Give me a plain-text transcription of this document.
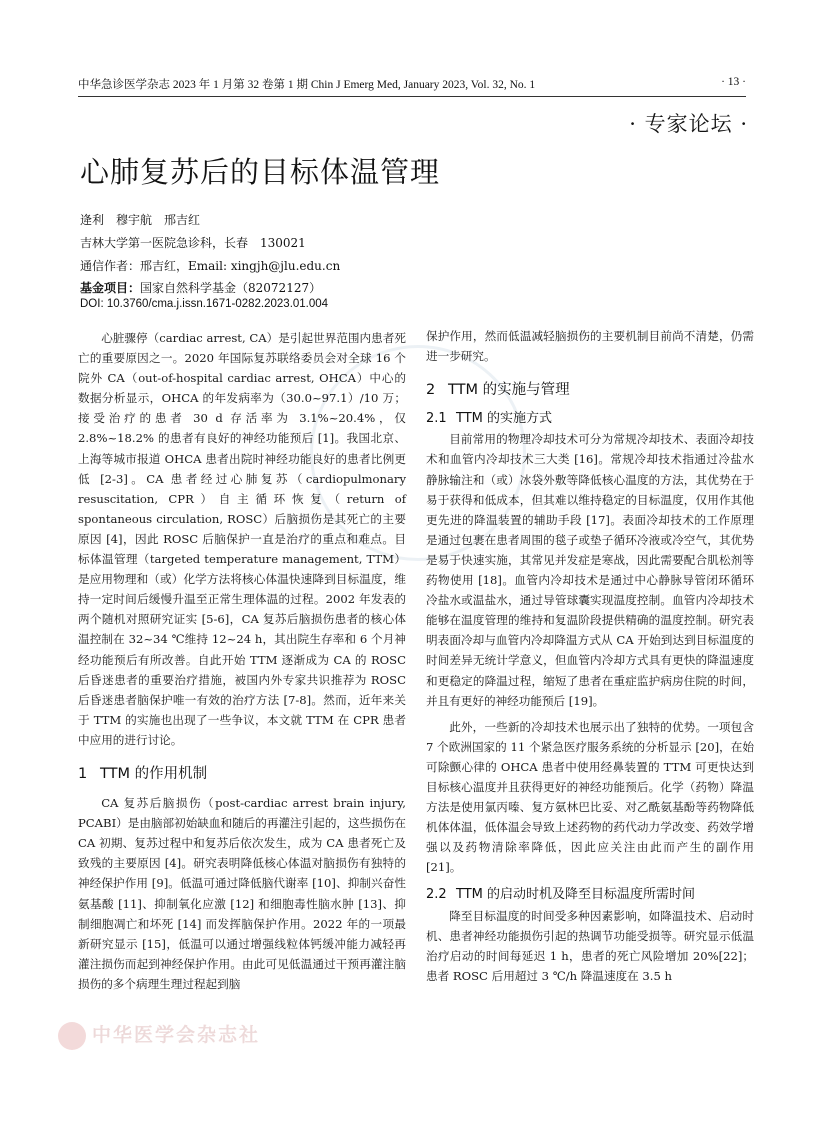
中华急诊医学杂志 2023 年 1 月第 32 卷第 1 期 Chin J Emerg Med, January 2023, Vol. 32, No. 1	· 13 ·
· 专家论坛 ·
心肺复苏后的目标体温管理
逄利　穆宇航　邢吉红
吉林大学第一医院急诊科，长春　130021
通信作者：邢吉红，Email: xingjh@jlu.edu.cn
基金项目：国家自然科学基金（82072127）
DOI: 10.3760/cma.j.issn.1671-0282.2023.01.004

心脏骤停（cardiac arrest, CA）是引起世界范围内患者死亡的重要原因之一。2020 年国际复苏联络委员会对全球 16 个院外 CA（out-of-hospital cardiac arrest, OHCA）中心的数据分析显示，OHCA 的年发病率为（30.0~97.1）/10 万；接受治疗的患者 30 d 存活率为 3.1%~20.4%，仅 2.8%~18.2% 的患者有良好的神经功能预后 [1]。我国北京、上海等城市报道 OHCA 患者出院时神经功能良好的患者比例更低 [2-3]。CA 患者经过心肺复苏（cardiopulmonary resuscitation, CPR）自主循环恢复（return of spontaneous circulation, ROSC）后脑损伤是其死亡的主要原因 [4]，因此 ROSC 后脑保护一直是治疗的重点和难点。目标体温管理（targeted temperature management, TTM）是应用物理和（或）化学方法将核心体温快速降到目标温度，维持一定时间后缓慢升温至正常生理体温的过程。2002 年发表的两个随机对照研究证实 [5-6]，CA 复苏后脑损伤患者的核心体温控制在 32~34 ℃维持 12~24 h，其出院生存率和 6 个月神经功能预后有所改善。自此开始 TTM 逐渐成为 CA 的 ROSC 后昏迷患者的重要治疗措施，被国内外专家共识推荐为 ROSC 后昏迷患者脑保护唯一有效的治疗方法 [7-8]。然而，近年来关于 TTM 的实施也出现了一些争议，本文就 TTM 在 CPR 患者中应用的进行讨论。

1 TTM 的作用机制

CA 复苏后脑损伤（post-cardiac arrest brain injury, PCABI）是由脑部初始缺血和随后的再灌注引起的，这些损伤在 CA 初期、复苏过程中和复苏后依次发生，成为 CA 患者死亡及致残的主要原因 [4]。研究表明降低核心体温对脑损伤有独特的神经保护作用 [9]。低温可通过降低脑代谢率 [10]、抑制兴奋性氨基酸 [11]、抑制氧化应激 [12] 和细胞毒性脑水肿 [13]、抑制细胞凋亡和坏死 [14] 而发挥脑保护作用。2022 年的一项最新研究显示 [15]，低温可以通过增强线粒体钙缓冲能力减轻再灌注损伤而起到神经保护作用。由此可见低温通过干预再灌注脑损伤的多个病理生理过程起到脑

保护作用，然而低温减轻脑损伤的主要机制目前尚不清楚，仍需进一步研究。

2 TTM 的实施与管理
2.1 TTM 的实施方式

目前常用的物理冷却技术可分为常规冷却技术、表面冷却技术和血管内冷却技术三大类 [16]。常规冷却技术指通过冷盐水静脉输注和（或）冰袋外敷等降低核心温度的方法，其优势在于易于获得和低成本，但其难以维持稳定的目标温度，仅用作其他更先进的降温装置的辅助手段 [17]。表面冷却技术的工作原理是通过包裹在患者周围的毯子或垫子循环冷液或冷空气，其优势是易于快速实施，其常见并发症是寒战，因此需要配合肌松剂等药物使用 [18]。血管内冷却技术是通过中心静脉导管闭环循环冷盐水或温盐水，通过导管球囊实现温度控制。血管内冷却技术能够在温度管理的维持和复温阶段提供精确的温度控制。研究表明表面冷却与血管内冷却降温方式从 CA 开始到达到目标温度的时间差异无统计学意义，但血管内冷却方式具有更快的降温速度和更稳定的降温过程，缩短了患者在重症监护病房住院的时间，并且有更好的神经功能预后 [19]。

此外，一些新的冷却技术也展示出了独特的优势。一项包含 7 个欧洲国家的 11 个紧急医疗服务系统的分析显示 [20]，在始可除颤心律的 OHCA 患者中使用经鼻装置的 TTM 可更快达到目标核心温度并且获得更好的神经功能预后。化学（药物）降温方法是使用氯丙嗪、复方氨林巴比妥、对乙酰氨基酚等药物降低机体体温，低体温会导致上述药物的药代动力学改变、药效学增强以及药物清除率降低，因此应关注由此而产生的副作用 [21]。

2.2 TTM 的启动时机及降至目标温度所需时间

降至目标温度的时间受多种因素影响，如降温技术、启动时机、患者神经功能损伤引起的热调节功能受损等。研究显示低温治疗启动的时间每延迟 1 h，患者的死亡风险增加 20%[22]；患者 ROSC 后用超过 3 ℃/h 降温速度在 3.5 h

中华医学会杂志社
